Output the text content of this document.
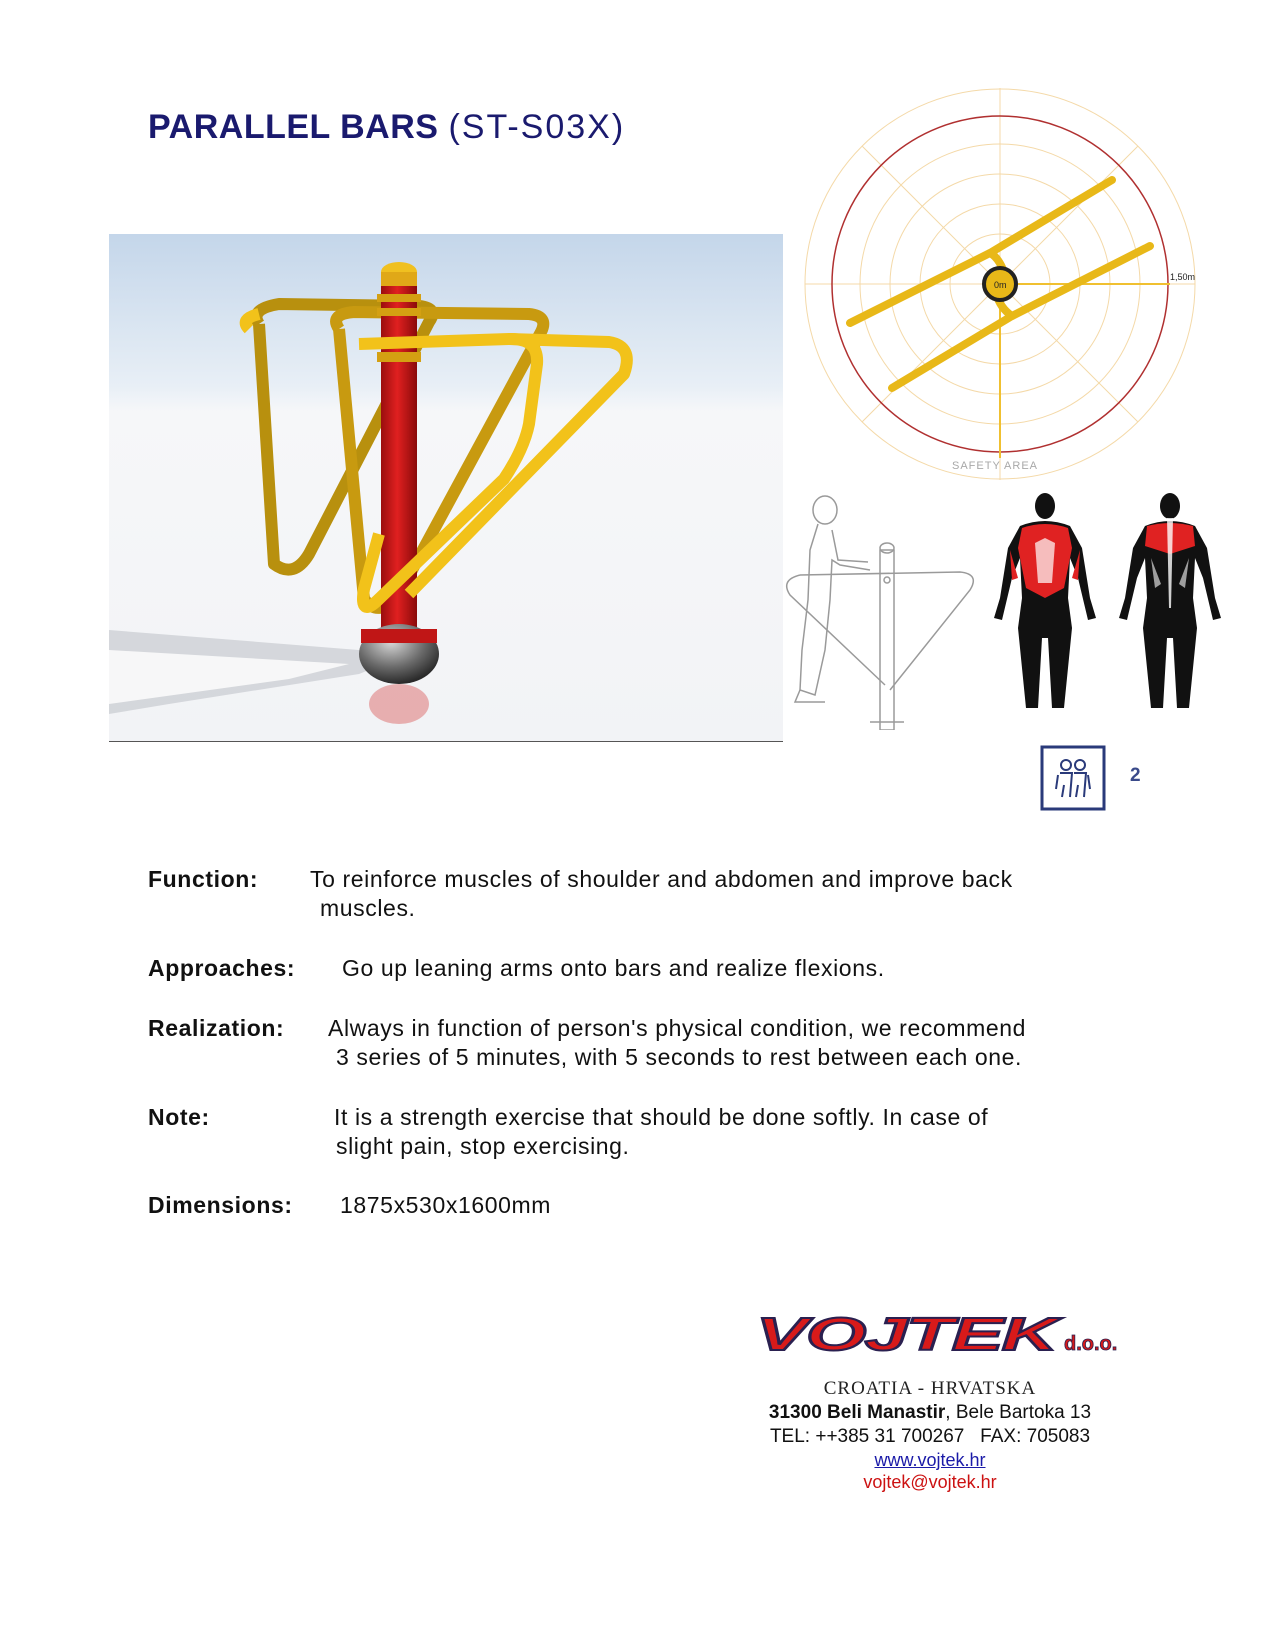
PARALLEL BARS (ST-S03X)
0m
1,50m
SAFETY AREA
2
Function:	To reinforce muscles of shoulder and abdomen and improve back
muscles.
Approaches:	Go up leaning arms onto bars and realize flexions.
Realization:	Always in function of person's physical condition, we recommend
3 series of 5 minutes, with 5 seconds to rest between each one.
Note:	It is a strength exercise that should be done softly. In case of
slight pain, stop exercising.
Dimensions:	1875x530x1600mm
VOJTEK d.o.o.
CROATIA - HRVATSKA
31300 Beli Manastir, Bele Bartoka 13
TEL: ++385 31 700267   FAX: 705083
www.vojtek.hr
vojtek@vojtek.hr
